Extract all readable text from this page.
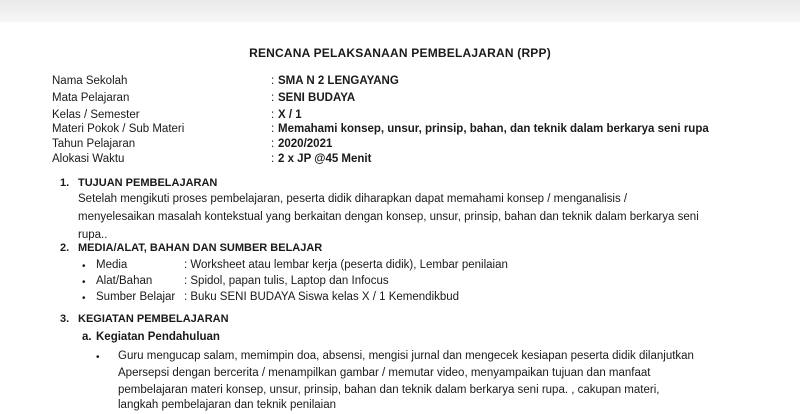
RENCANA PELAKSANAAN PEMBELAJARAN (RPP)
Nama Sekolah	: SMA N 2 LENGAYANG
Mata Pelajaran	: SENI BUDAYA
Kelas / Semester	: X / 1
Materi Pokok / Sub Materi	: Memahami konsep, unsur, prinsip, bahan, dan teknik dalam berkarya seni rupa
Tahun Pelajaran	: 2020/2021
Alokasi Waktu	: 2 x JP @45 Menit
1. TUJUAN PEMBELAJARAN
Setelah mengikuti proses pembelajaran, peserta didik diharapkan dapat memahami konsep / menganalisis /
menyelesaikan masalah kontekstual yang berkaitan dengan konsep, unsur, prinsip, bahan dan teknik dalam berkarya seni
rupa..
2. MEDIA/ALAT, BAHAN DAN SUMBER BELAJAR
• Media	: Worksheet atau lembar kerja (peserta didik), Lembar penilaian
• Alat/Bahan	: Spidol, papan tulis, Laptop dan Infocus
• Sumber Belajar : Buku SENI BUDAYA Siswa kelas X / 1 Kemendikbud
3. KEGIATAN PEMBELAJARAN
a. Kegiatan Pendahuluan
• Guru mengucap salam, memimpin doa, absensi, mengisi jurnal dan mengecek kesiapan peserta didik dilanjutkan
Apersepsi dengan bercerita / menampilkan gambar / memutar video, menyampaikan tujuan dan manfaat
pembelajaran materi konsep, unsur, prinsip, bahan dan teknik dalam berkarya seni rupa. , cakupan materi,
langkah pembelajaran dan teknik penilaian
